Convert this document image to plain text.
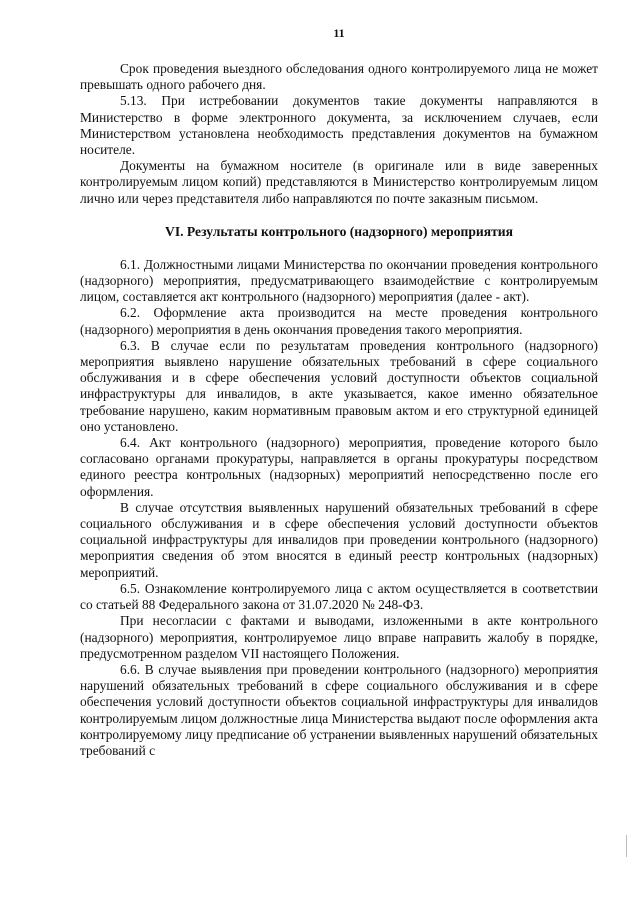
11

Срок проведения выездного обследования одного контролируемого лица не может превышать одного рабочего дня.

5.13. При истребовании документов такие документы направляются в Министерство в форме электронного документа, за исключением случаев, если Министерством установлена необходимость представления документов на бумажном носителе.

Документы на бумажном носителе (в оригинале или в виде заверенных контролируемым лицом копий) представляются в Министерство контролируемым лицом лично или через представителя либо направляются по почте заказным письмом.

VI. Результаты контрольного (надзорного) мероприятия

6.1. Должностными лицами Министерства по окончании проведения контрольного (надзорного) мероприятия, предусматривающего взаимодействие с контролируемым лицом, составляется акт контрольного (надзорного) мероприятия (далее - акт).

6.2. Оформление акта производится на месте проведения контрольного (надзорного) мероприятия в день окончания проведения такого мероприятия.

6.3. В случае если по результатам проведения контрольного (надзорного) мероприятия выявлено нарушение обязательных требований в сфере социального обслуживания и в сфере обеспечения условий доступности объектов социальной инфраструктуры для инвалидов, в акте указывается, какое именно обязательное требование нарушено, каким нормативным правовым актом и его структурной единицей оно установлено.

6.4. Акт контрольного (надзорного) мероприятия, проведение которого было согласовано органами прокуратуры, направляется в органы прокуратуры посредством единого реестра контрольных (надзорных) мероприятий непосредственно после его оформления.

В случае отсутствия выявленных нарушений обязательных требований в сфере социального обслуживания и в сфере обеспечения условий доступности объектов социальной инфраструктуры для инвалидов при проведении контрольного (надзорного) мероприятия сведения об этом вносятся в единый реестр контрольных (надзорных) мероприятий.

6.5. Ознакомление контролируемого лица с актом осуществляется в соответствии со статьей 88 Федерального закона от 31.07.2020 № 248-ФЗ.

При несогласии с фактами и выводами, изложенными в акте контрольного (надзорного) мероприятия, контролируемое лицо вправе направить жалобу в порядке, предусмотренном разделом VII настоящего Положения.

6.6. В случае выявления при проведении контрольного (надзорного) мероприятия нарушений обязательных требований в сфере социального обслуживания и в сфере обеспечения условий доступности объектов социальной инфраструктуры для инвалидов контролируемым лицом должностные лица Министерства выдают после оформления акта контролируемому лицу предписание об устранении выявленных нарушений обязательных требований с
